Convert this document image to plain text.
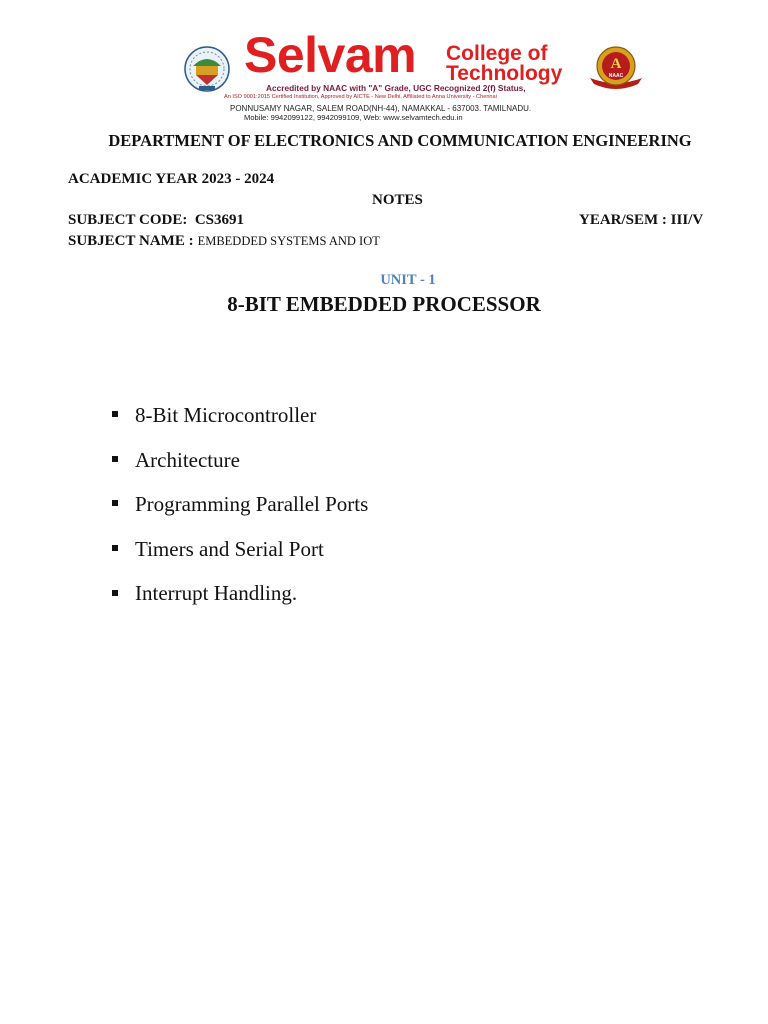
Selvam College of
Technology	A
NAAC
Accredited by NAAC with "A" Grade, UGC Recognized 2(f) Status,
An ISO 9001:2015 Certified Institution, Approved by AICTE - New Delhi, Affiliated to Anna University - Chennai
PONNUSAMY NAGAR, SALEM ROAD(NH-44), NAMAKKAL - 637003. TAMILNADU.
Mobile: 9942099122, 9942099109, Web: www.selvamtech.edu.in
DEPARTMENT OF ELECTRONICS AND COMMUNICATION ENGINEERING
ACADEMIC YEAR 2023 - 2024
NOTES
SUBJECT CODE:  CS3691	YEAR/SEM : III/V
SUBJECT NAME : EMBEDDED SYSTEMS AND IOT
UNIT - 1
8-BIT EMBEDDED PROCESSOR
8-Bit Microcontroller
Architecture
Programming Parallel Ports
Timers and Serial Port
Interrupt Handling.
